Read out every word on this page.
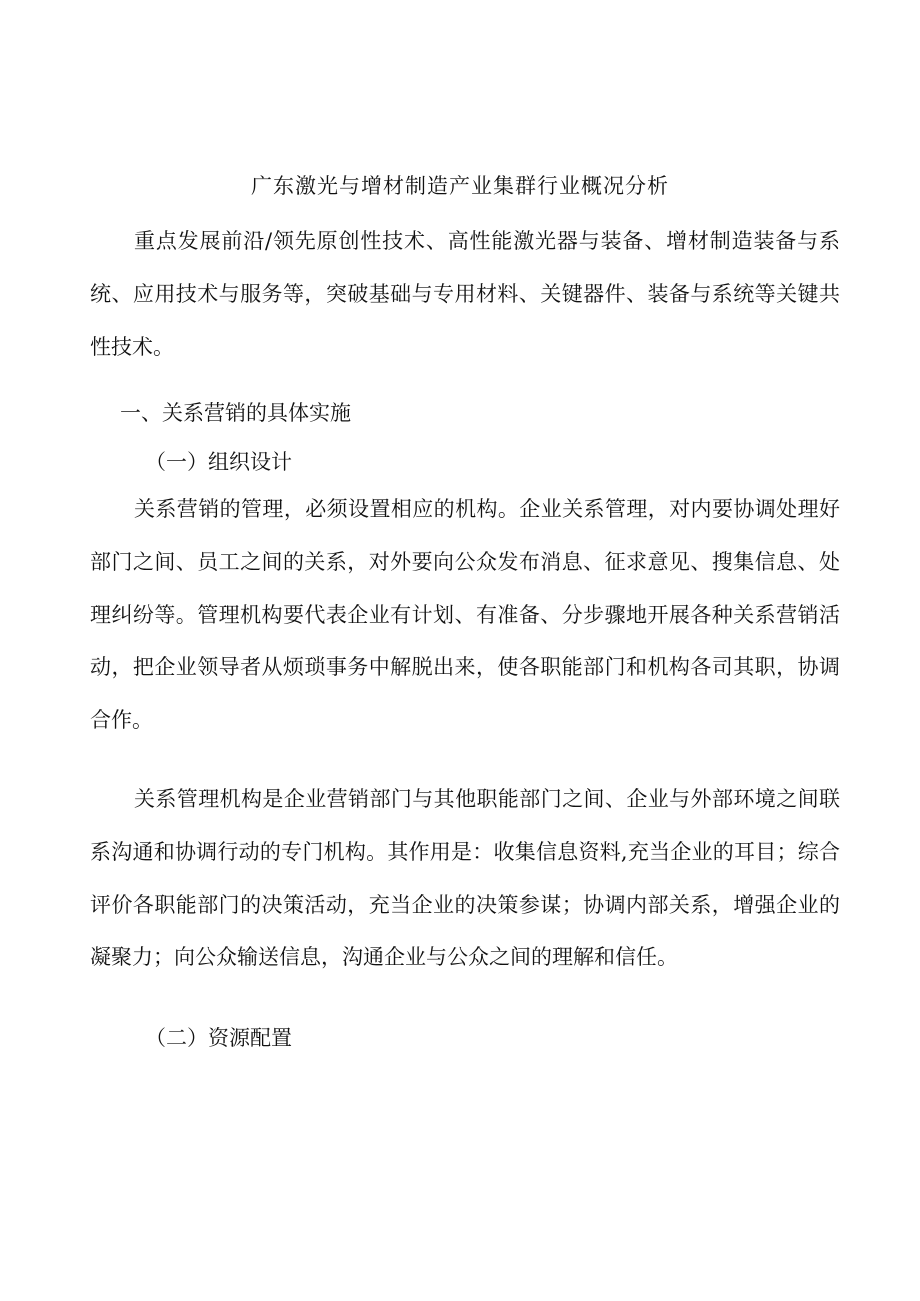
广东激光与增材制造产业集群行业概况分析

重点发展前沿/领先原创性技术、高性能激光器与装备、增材制造装备与系统、应用技术与服务等，突破基础与专用材料、关键器件、装备与系统等关键共性技术。

一、关系营销的具体实施
（一）组织设计

关系营销的管理，必须设置相应的机构。企业关系管理，对内要协调处理好部门之间、员工之间的关系，对外要向公众发布消息、征求意见、搜集信息、处理纠纷等。管理机构要代表企业有计划、有准备、分步骤地开展各种关系营销活动，把企业领导者从烦琐事务中解脱出来，使各职能部门和机构各司其职，协调合作。

关系管理机构是企业营销部门与其他职能部门之间、企业与外部环境之间联系沟通和协调行动的专门机构。其作用是：收集信息资料,充当企业的耳目；综合评价各职能部门的决策活动，充当企业的决策参谋；协调内部关系，增强企业的凝聚力；向公众输送信息，沟通企业与公众之间的理解和信任。

（二）资源配置
